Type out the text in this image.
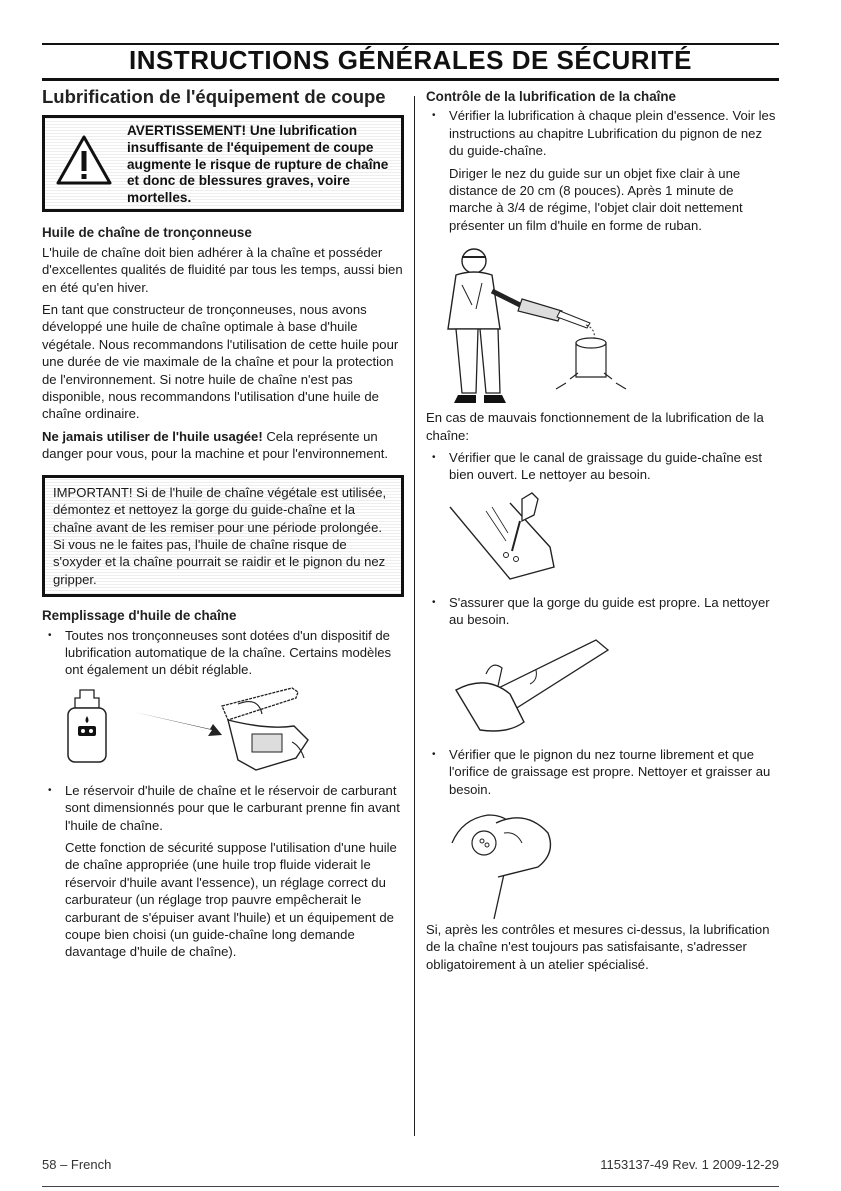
INSTRUCTIONS GÉNÉRALES DE SÉCURITÉ
Lubrification de l'équipement de coupe
AVERTISSEMENT! Une lubrification insuffisante de l'équipement de coupe augmente le risque de rupture de chaîne et donc de blessures graves, voire mortelles.
Huile de chaîne de tronçonneuse

L'huile de chaîne doit bien adhérer à la chaîne et posséder d'excellentes qualités de fluidité par tous les temps, aussi bien en été qu'en hiver.

En tant que constructeur de tronçonneuses, nous avons développé une huile de chaîne optimale à base d'huile végétale. Nous recommandons l'utilisation de cette huile pour une durée de vie maximale de la chaîne et pour la protection de l'environnement. Si notre huile de chaîne n'est pas disponible, nous recommandons l'utilisation d'une huile de chaîne ordinaire.

Ne jamais utiliser de l'huile usagée! Cela représente un danger pour vous, pour la machine et pour l'environnement.

IMPORTANT! Si de l'huile de chaîne végétale est utilisée, démontez et nettoyez la gorge du guide-chaîne et la chaîne avant de les remiser pour une période prolongée. Si vous ne le faites pas, l'huile de chaîne risque de s'oxyder et la chaîne pourrait se raidir et le pignon du nez gripper.
Remplissage d'huile de chaîne
• Toutes nos tronçonneuses sont dotées d'un dispositif de lubrification automatique de la chaîne. Certains modèles ont également un débit réglable.
• Le réservoir d'huile de chaîne et le réservoir de carburant sont dimensionnés pour que le carburant prenne fin avant l'huile de chaîne.

Cette fonction de sécurité suppose l'utilisation d'une huile de chaîne appropriée (une huile trop fluide viderait le réservoir d'huile avant l'essence), un réglage correct du carburateur (un réglage trop pauvre empêcherait le carburant de s'épuiser avant l'huile) et un équipement de coupe bien choisi (un guide-chaîne long demande davantage d'huile de chaîne).

Contrôle de la lubrification de la chaîne
• Vérifier la lubrification à chaque plein d'essence. Voir les instructions au chapitre Lubrification du pignon de nez du guide-chaîne.

Diriger le nez du guide sur un objet fixe clair à une distance de 20 cm (8 pouces). Après 1 minute de marche à 3/4 de régime, l'objet clair doit nettement présenter un film d'huile en forme de ruban.

En cas de mauvais fonctionnement de la lubrification de la chaîne:

• Vérifier que le canal de graissage du guide-chaîne est bien ouvert. Le nettoyer au besoin.
• S'assurer que la gorge du guide est propre. La nettoyer au besoin.
• Vérifier que le pignon du nez tourne librement et que l'orifice de graissage est propre. Nettoyer et graisser au besoin.

Si, après les contrôles et mesures ci-dessus, la lubrification de la chaîne n'est toujours pas satisfaisante, s'adresser obligatoirement à un atelier spécialisé.

58 – French	1153137-49 Rev. 1 2009-12-29
